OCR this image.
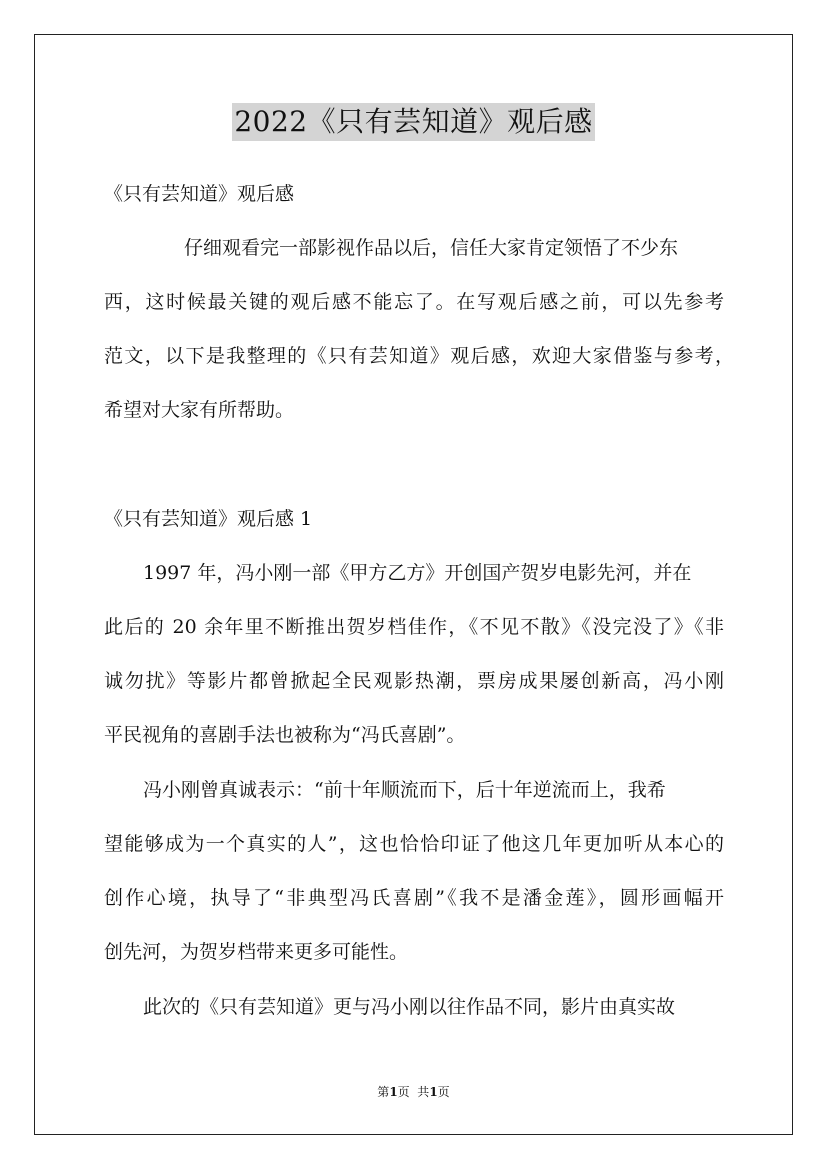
2022《只有芸知道》观后感
《只有芸知道》观后感
仔细观看完一部影视作品以后，信任大家肯定领悟了不少东
西，这时候最关键的观后感不能忘了。在写观后感之前，可以先参考
范文，以下是我整理的《只有芸知道》观后感，欢迎大家借鉴与参考，
希望对大家有所帮助。
《只有芸知道》观后感 1
1997 年，冯小刚一部《甲方乙方》开创国产贺岁电影先河，并在
此后的 20 余年里不断推出贺岁档佳作，《不见不散》《没完没了》《非
诚勿扰》等影片都曾掀起全民观影热潮，票房成果屡创新高，冯小刚
平民视角的喜剧手法也被称为“冯氏喜剧”。
冯小刚曾真诚表示：“前十年顺流而下，后十年逆流而上，我希
望能够成为一个真实的人”，这也恰恰印证了他这几年更加听从本心的
创作心境，执导了“非典型冯氏喜剧”《我不是潘金莲》，圆形画幅开
创先河，为贺岁档带来更多可能性。
此次的《只有芸知道》更与冯小刚以往作品不同，影片由真实故
第1页  共1页
